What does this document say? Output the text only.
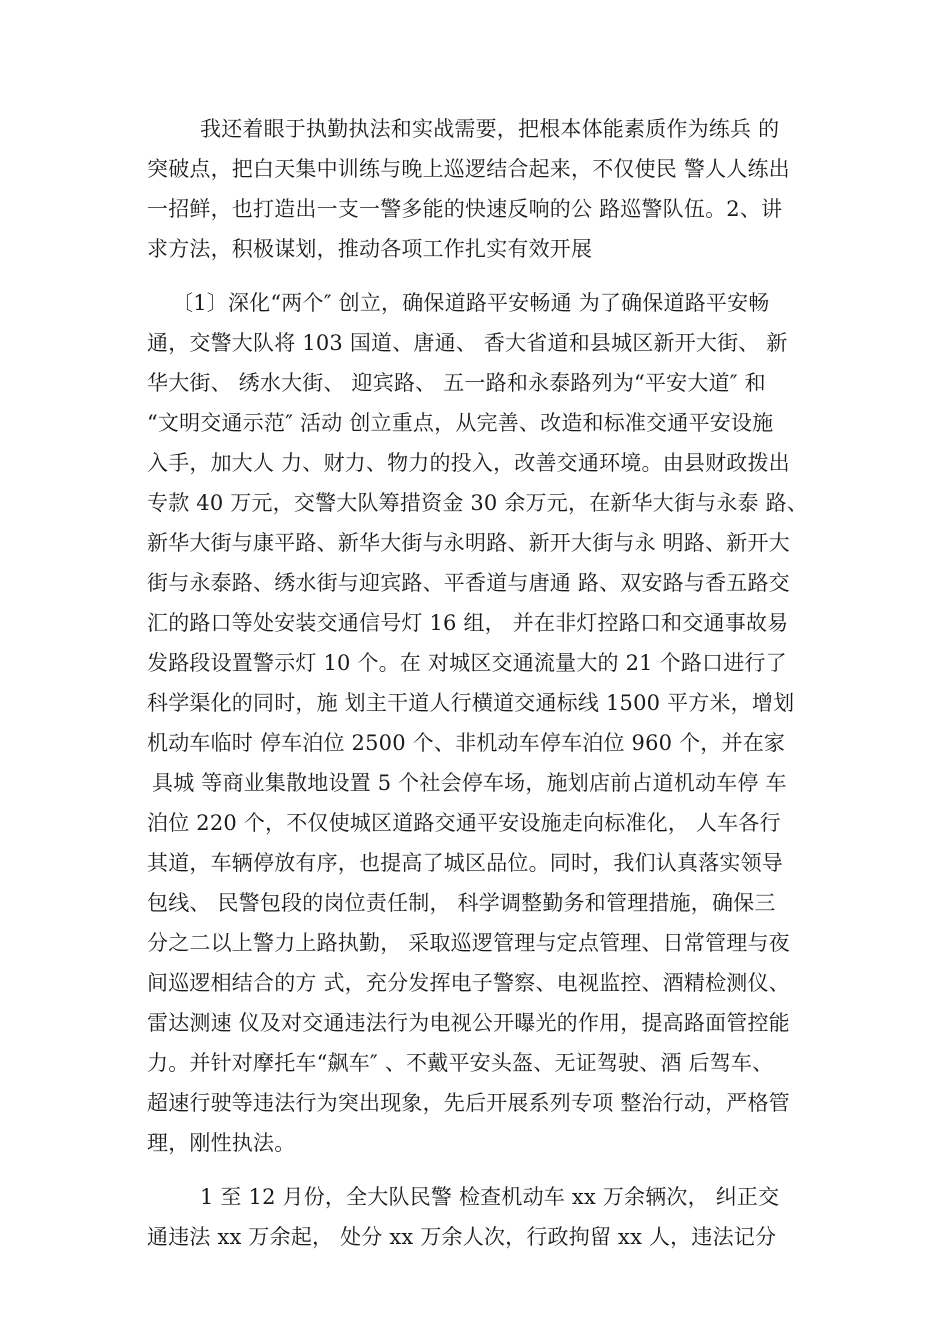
我还着眼于执勤执法和实战需要，把根本体能素质作为练兵 的
突破点，把白天集中训练与晚上巡逻结合起来，不仅使民 警人人练出
一招鲜，也打造出一支一警多能的快速反响的公 路巡警队伍。2、讲
求方法，积极谋划，推动各项工作扎实有效开展
〔1〕深化“两个″ 创立，确保道路平安畅通 为了确保道路平安畅
通，交警大队将 103 国道、唐通、 香大省道和县城区新开大街、 新
华大街、 绣水大街、 迎宾路、 五一路和永泰路列为“平安大道″ 和
“文明交通示范″ 活动 创立重点，从完善、改造和标准交通平安设施
入手，加大人 力、财力、物力的投入，改善交通环境。由县财政拨出
专款 40 万元，交警大队筹措资金 30 余万元，在新华大街与永泰 路、
新华大街与康平路、新华大街与永明路、新开大街与永 明路、新开大
街与永泰路、绣水街与迎宾路、平香道与唐通 路、双安路与香五路交
汇的路口等处安装交通信号灯 16 组， 并在非灯控路口和交通事故易
发路段设置警示灯 10 个。在 对城区交通流量大的 21 个路口进行了
科学渠化的同时，施 划主干道人行横道交通标线 1500 平方米，增划
机动车临时 停车泊位 2500 个、非机动车停车泊位 960 个，并在家
具城 等商业集散地设置 5 个社会停车场，施划店前占道机动车停 车
泊位 220 个，不仅使城区道路交通平安设施走向标准化， 人车各行
其道，车辆停放有序，也提高了城区品位。同时，我们认真落实领导
包线、 民警包段的岗位责任制， 科学调整勤务和管理措施，确保三
分之二以上警力上路执勤， 采取巡逻管理与定点管理、日常管理与夜
间巡逻相结合的方 式，充分发挥电子警察、电视监控、酒精检测仪、
雷达测速 仪及对交通违法行为电视公开曝光的作用，提高路面管控能
力。并针对摩托车“飙车″ 、不戴平安头盔、无证驾驶、酒 后驾车、
超速行驶等违法行为突出现象，先后开展系列专项 整治行动，严格管
理，刚性执法。
1 至 12 月份，全大队民警 检查机动车 xx 万余辆次， 纠正交
通违法 xx 万余起， 处分 xx 万余人次，行政拘留 xx 人，违法记分
